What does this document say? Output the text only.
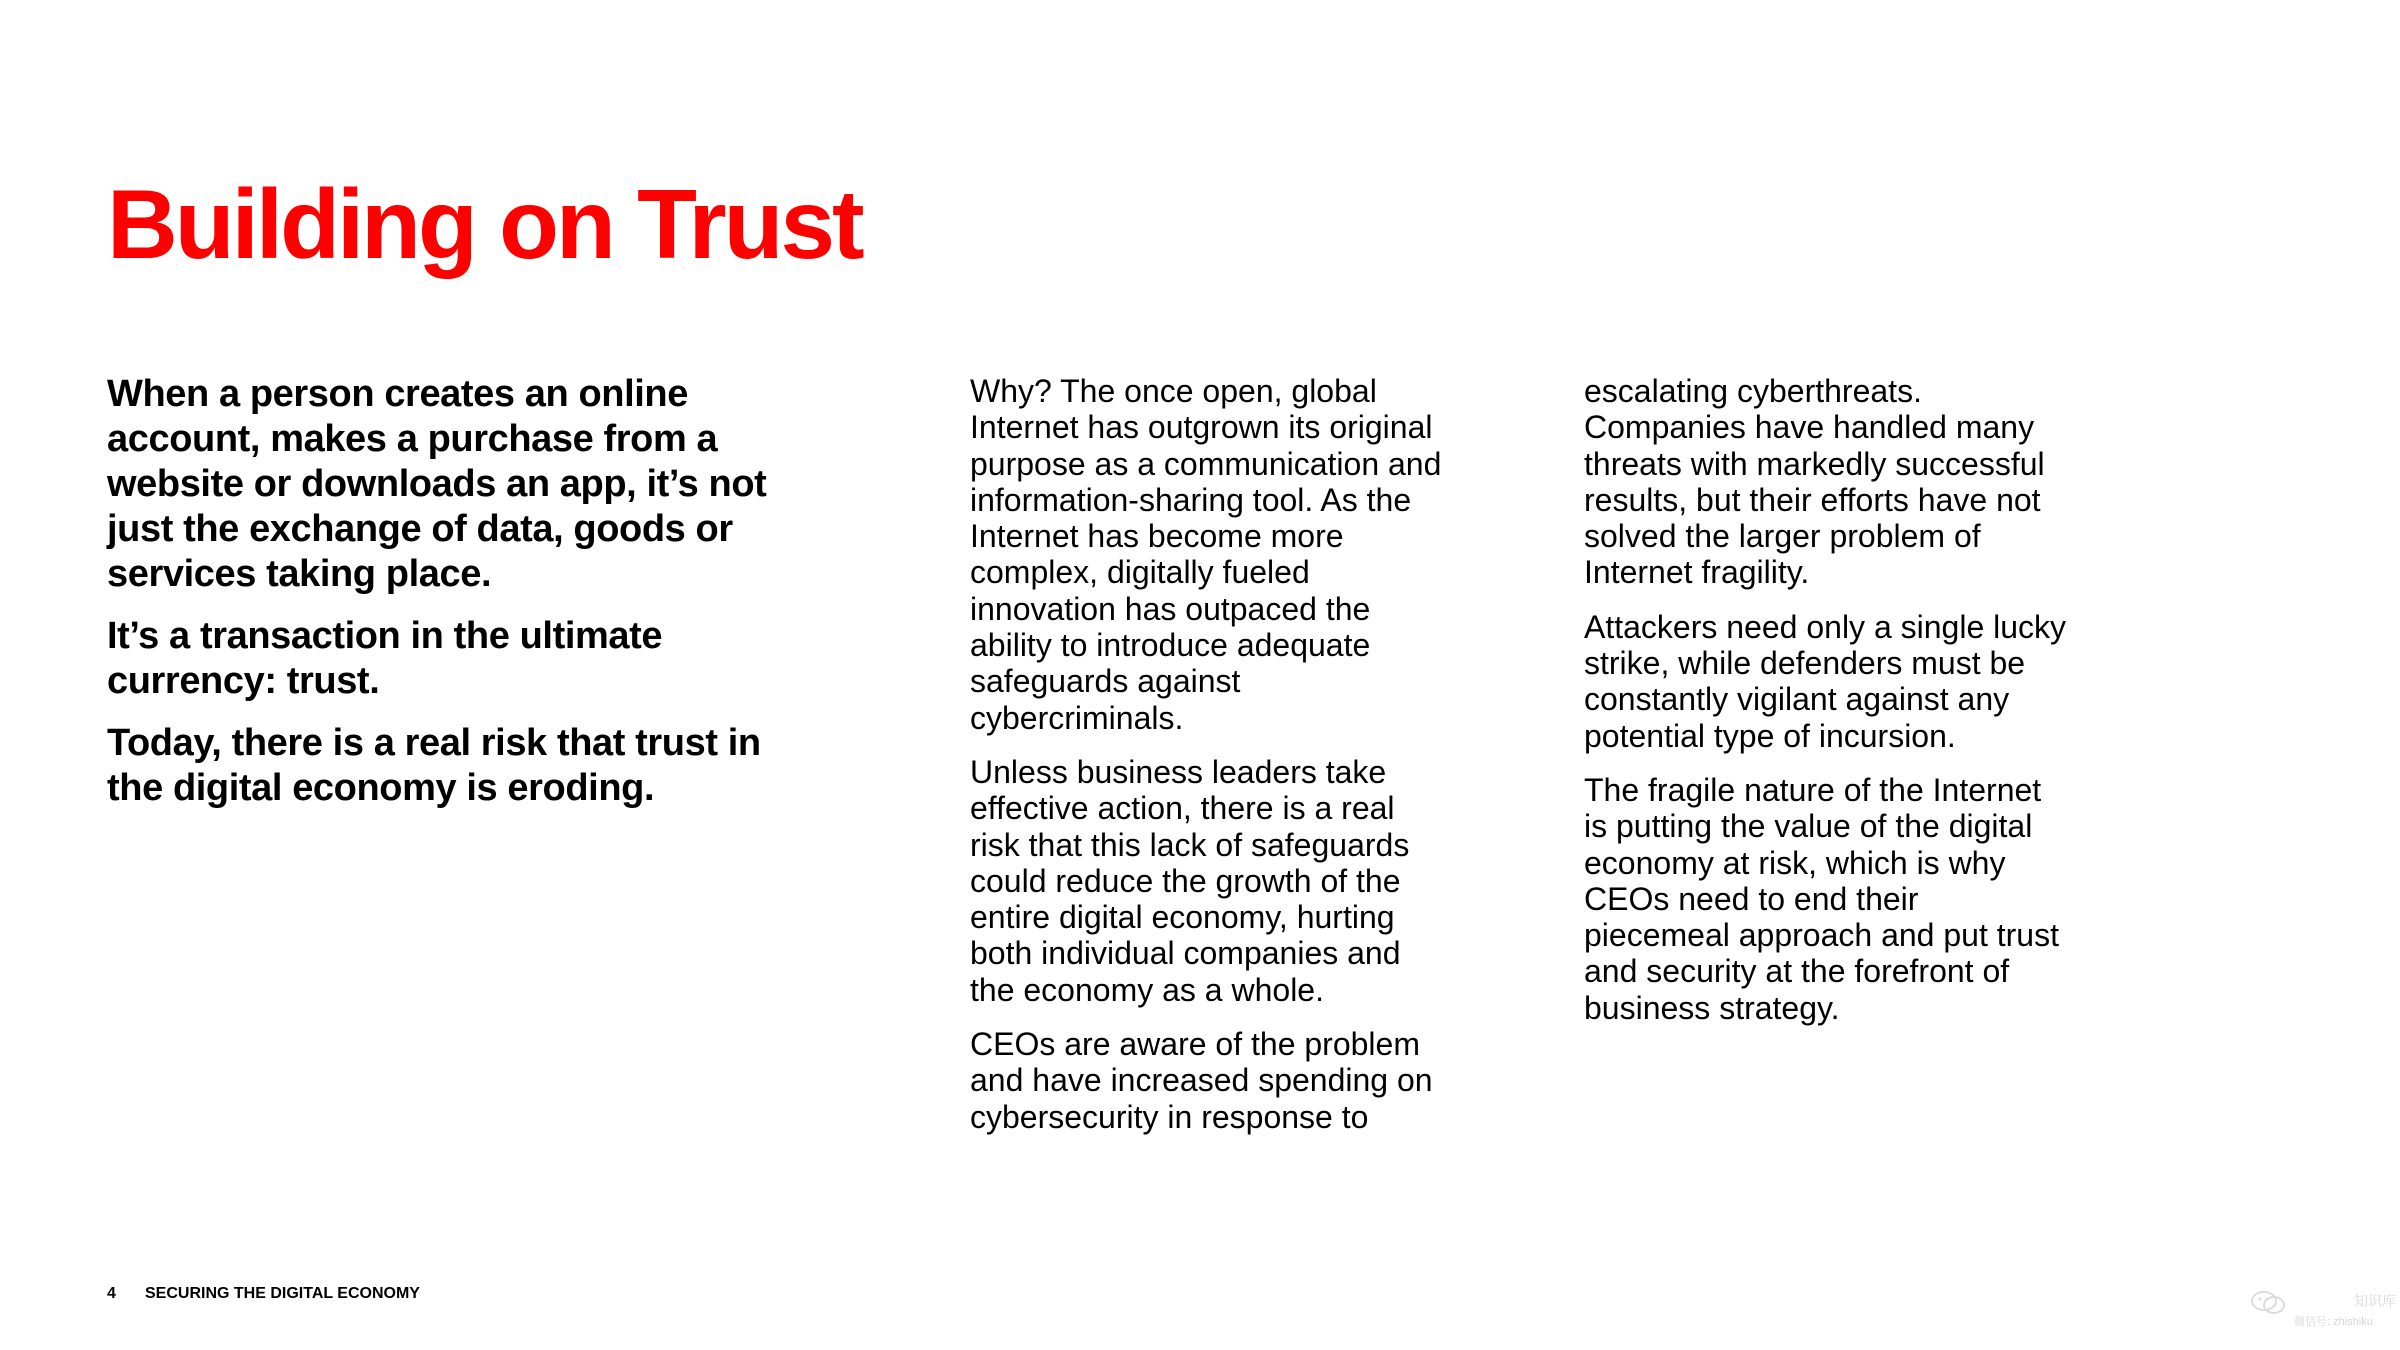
Building on Trust

When a person creates an online
account, makes a purchase from a
website or downloads an app, it’s not
just the exchange of data, goods or
services taking place.

It’s a transaction in the ultimate
currency: trust.

Today, there is a real risk that trust in
the digital economy is eroding.

Why? The once open, global
Internet has outgrown its original
purpose as a communication and
information-sharing tool. As the
Internet has become more
complex, digitally fueled
innovation has outpaced the
ability to introduce adequate
safeguards against
cybercriminals.

Unless business leaders take
effective action, there is a real
risk that this lack of safeguards
could reduce the growth of the
entire digital economy, hurting
both individual companies and
the economy as a whole.

CEOs are aware of the problem
and have increased spending on
cybersecurity in response to

escalating cyberthreats.
Companies have handled many
threats with markedly successful
results, but their efforts have not
solved the larger problem of
Internet fragility.

Attackers need only a single lucky
strike, while defenders must be
constantly vigilant against any
potential type of incursion.

The fragile nature of the Internet
is putting the value of the digital
economy at risk, which is why
CEOs need to end their
piecemeal approach and put trust
and security at the forefront of
business strategy.

4 SECURING THE DIGITAL ECONOMY	知识库
微信号: zhishiku
